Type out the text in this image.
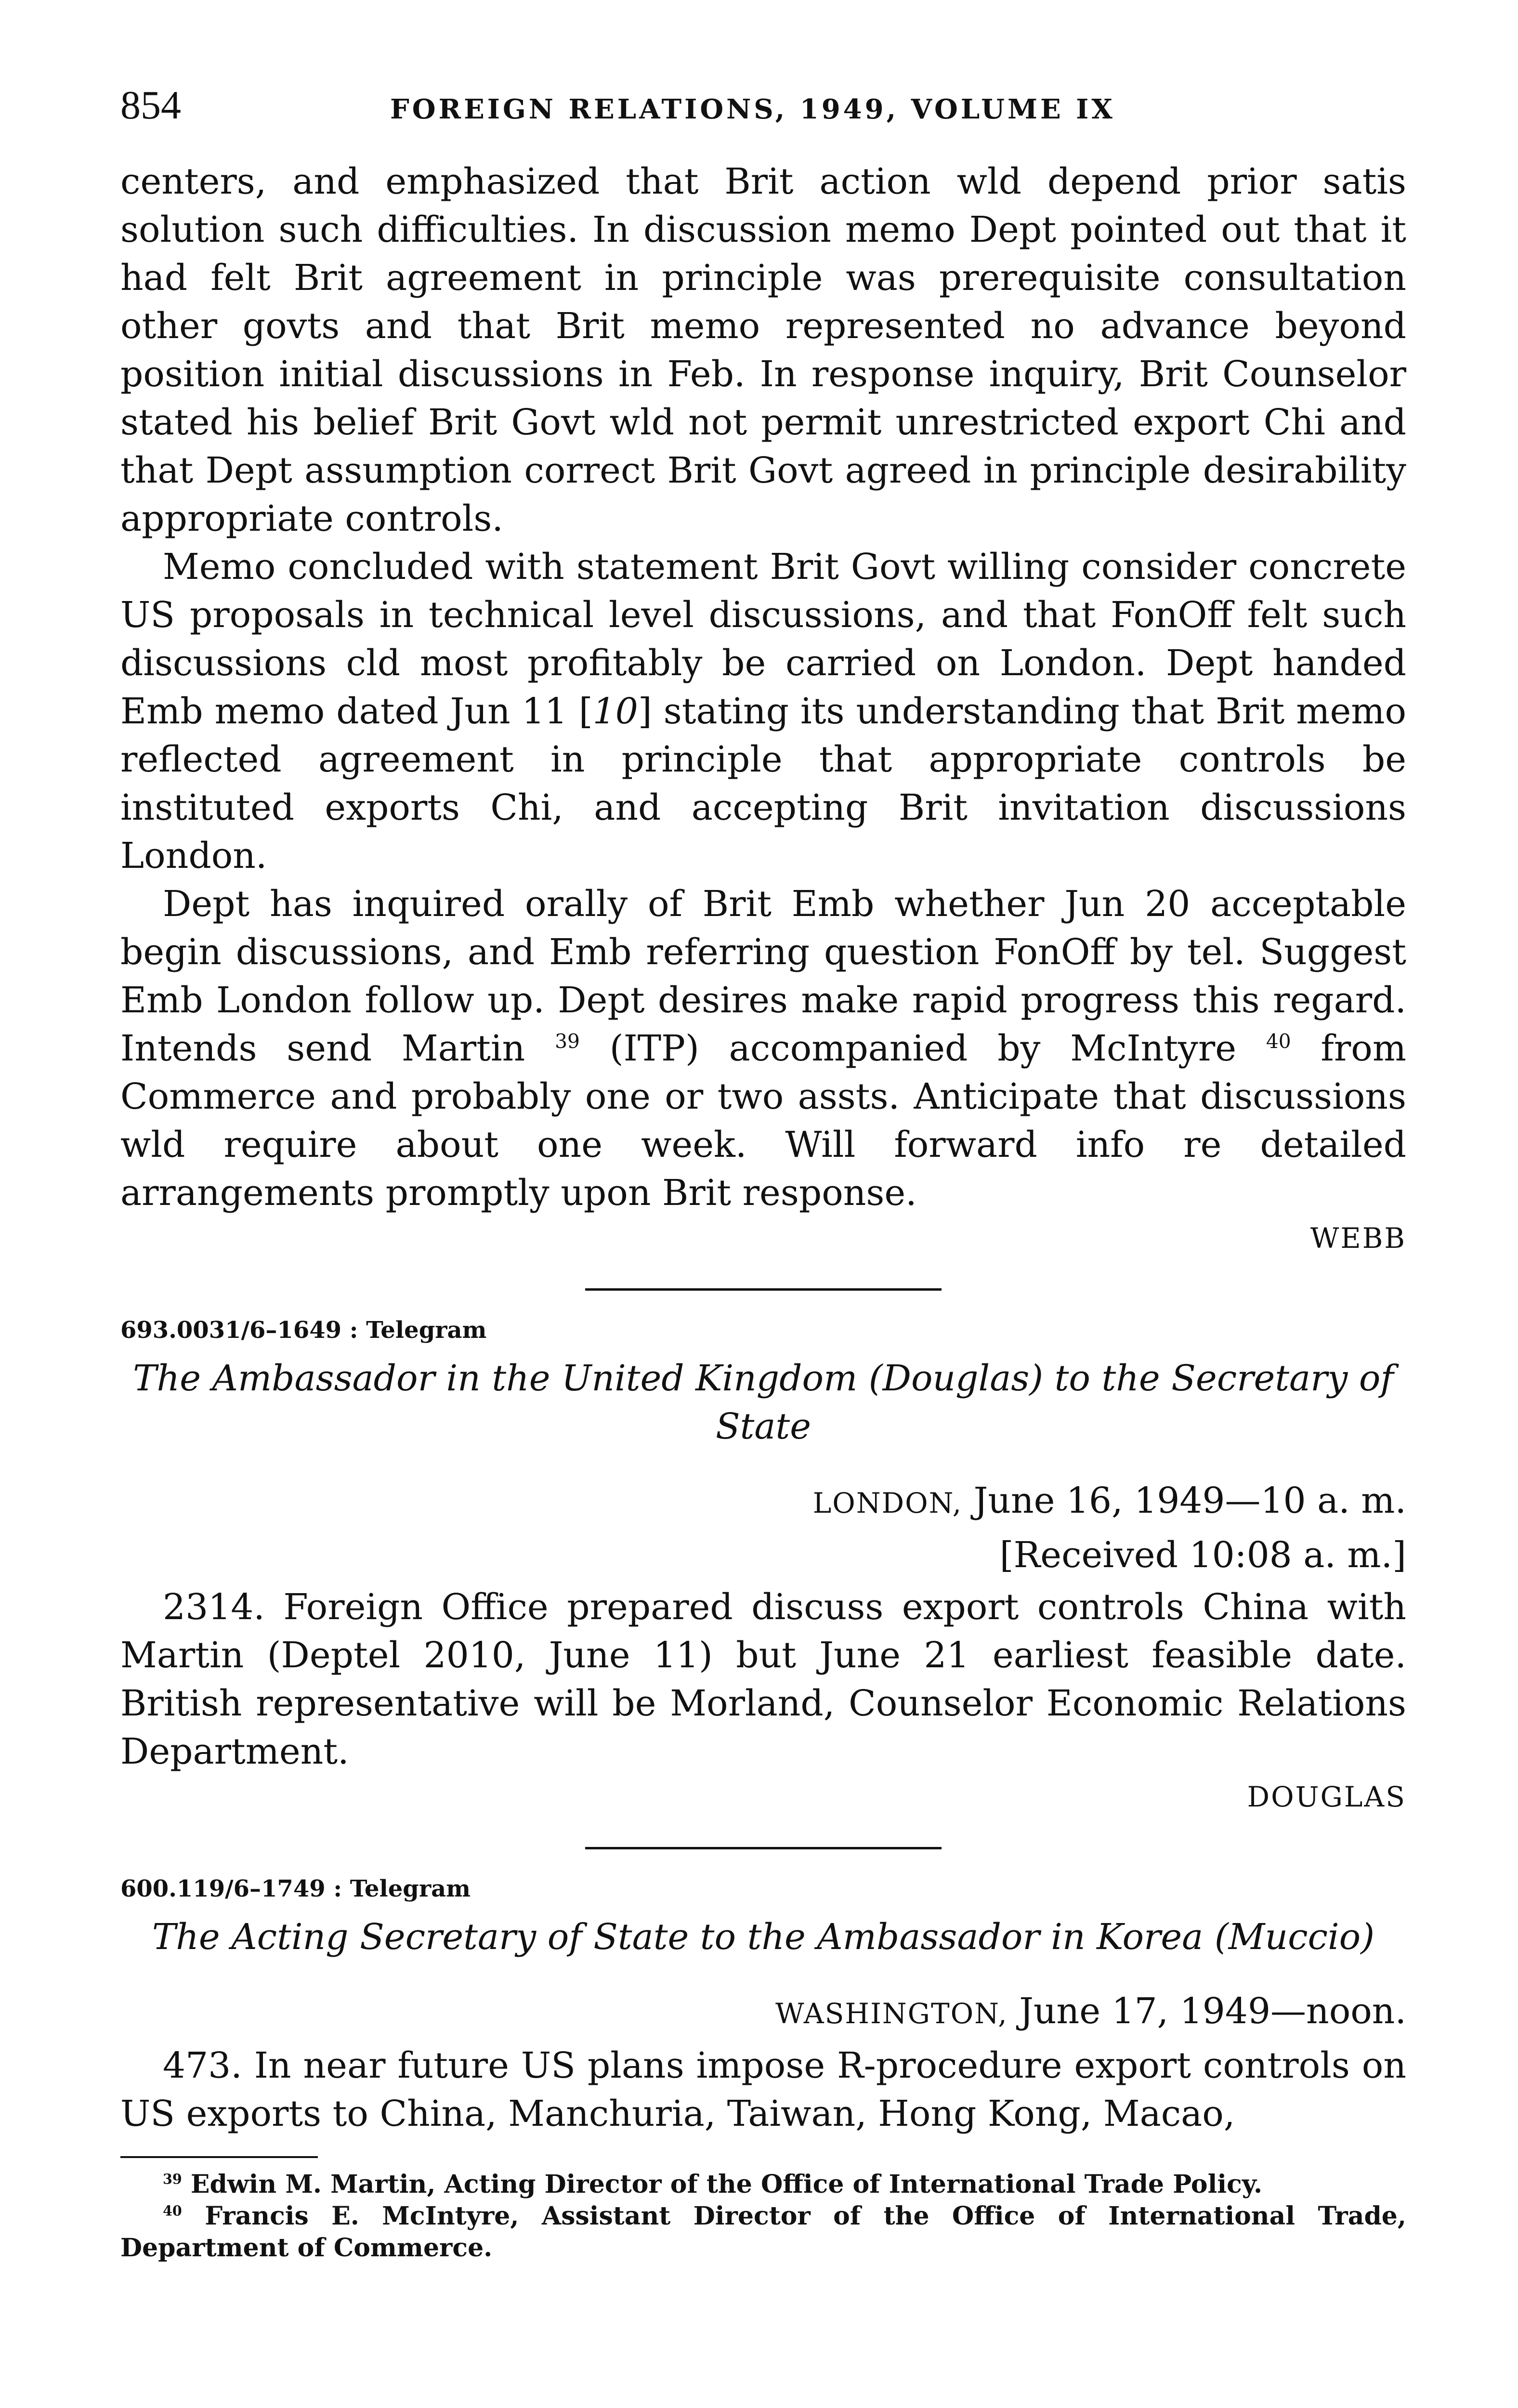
854	FOREIGN RELATIONS, 1949, VOLUME IX

centers, and emphasized that Brit action wld depend prior satis solution such difficulties. In discussion memo Dept pointed out that it had felt Brit agreement in principle was prerequisite consultation other govts and that Brit memo represented no advance beyond position initial discussions in Feb. In response inquiry, Brit Counselor stated his belief Brit Govt wld not permit unrestricted export Chi and that Dept assumption correct Brit Govt agreed in principle desirability appropriate controls.

Memo concluded with statement Brit Govt willing consider concrete US proposals in technical level discussions, and that FonOff felt such discussions cld most profitably be carried on London. Dept handed Emb memo dated Jun 11 [10] stating its understanding that Brit memo reflected agreement in principle that appropriate controls be instituted exports Chi, and accepting Brit invitation discussions London.

Dept has inquired orally of Brit Emb whether Jun 20 acceptable begin discussions, and Emb referring question FonOff by tel. Suggest Emb London follow up. Dept desires make rapid progress this regard. Intends send Martin $^{39}$ (ITP) accompanied by McIntyre $^{40}$ from Commerce and probably one or two assts. Anticipate that discussions wld require about one week. Will forward info re detailed arrangements promptly upon Brit response.

WEBB
693.0031/6–1649 : Telegram
The Ambassador in the United Kingdom (Douglas) to the Secretary of State
LONDON, June 16, 1949—10 a. m.
[Received 10:08 a. m.]

2314. Foreign Office prepared discuss export controls China with Martin (Deptel 2010, June 11) but June 21 earliest feasible date. British representative will be Morland, Counselor Economic Relations Department.

DOUGLAS
600.119/6–1749 : Telegram
The Acting Secretary of State to the Ambassador in Korea (Muccio)
WASHINGTON, June 17, 1949—noon.

473. In near future US plans impose R-procedure export controls on US exports to China, Manchuria, Taiwan, Hong Kong, Macao,

$^{39}$ Edwin M. Martin, Acting Director of the Office of International Trade Policy.

$^{40}$ Francis E. McIntyre, Assistant Director of the Office of International Trade, Department of Commerce.
